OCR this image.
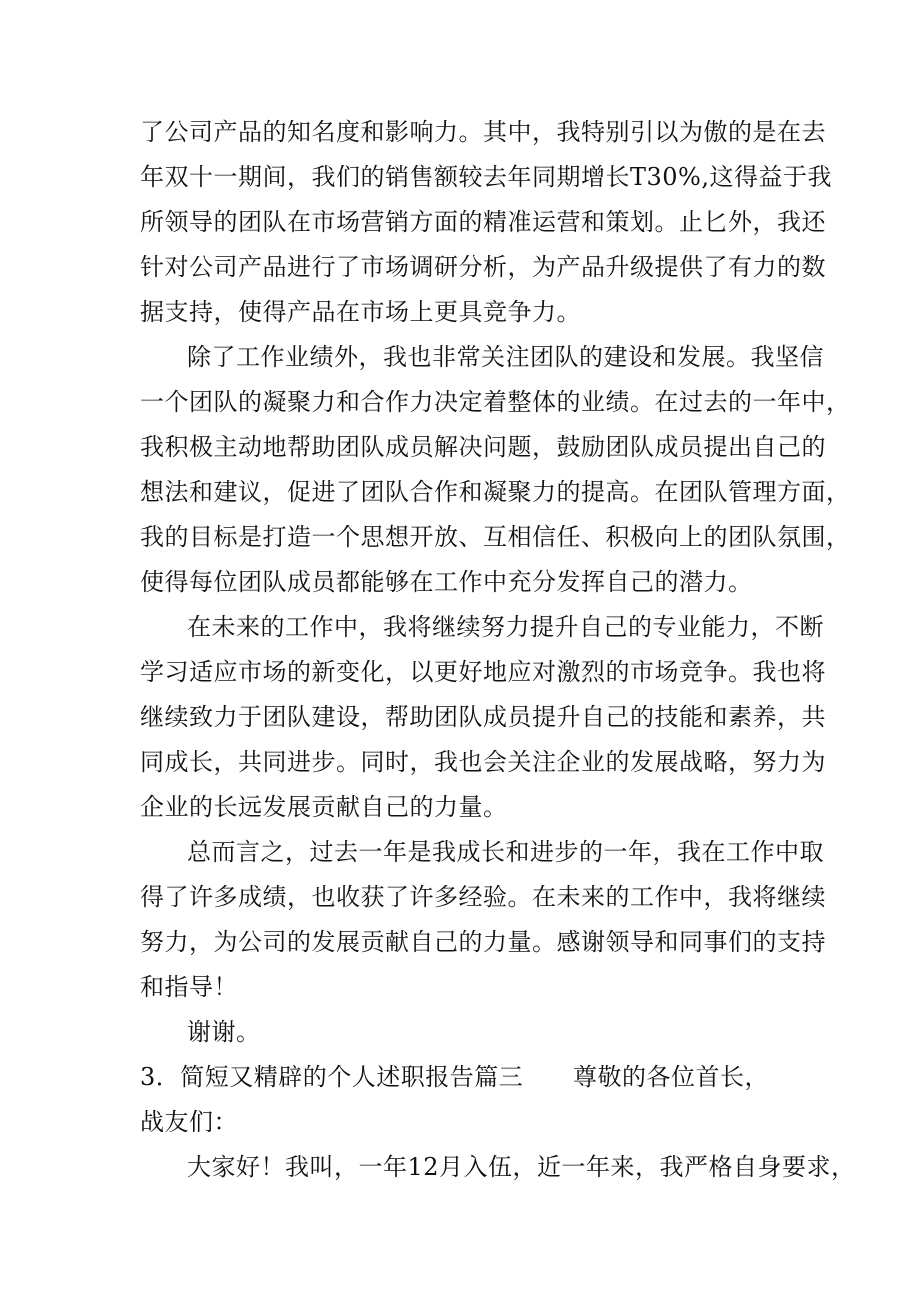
了公司产品的知名度和影响力。其中，我特别引以为傲的是在去
年双十一期间，我们的销售额较去年同期增长T30%,这得益于我
所领导的团队在市场营销方面的精准运营和策划。止匕外，我还
针对公司产品进行了市场调研分析，为产品升级提供了有力的数
据支持，使得产品在市场上更具竞争力。
除了工作业绩外，我也非常关注团队的建设和发展。我坚信
一个团队的凝聚力和合作力决定着整体的业绩。在过去的一年中，
我积极主动地帮助团队成员解决问题，鼓励团队成员提出自己的
想法和建议，促进了团队合作和凝聚力的提高。在团队管理方面，
我的目标是打造一个思想开放、互相信任、积极向上的团队氛围，
使得每位团队成员都能够在工作中充分发挥自己的潜力。
在未来的工作中，我将继续努力提升自己的专业能力，不断
学习适应市场的新变化，以更好地应对激烈的市场竞争。我也将
继续致力于团队建设，帮助团队成员提升自己的技能和素养，共
同成长，共同进步。同时，我也会关注企业的发展战略，努力为
企业的长远发展贡献自己的力量。
总而言之，过去一年是我成长和进步的一年，我在工作中取
得了许多成绩，也收获了许多经验。在未来的工作中，我将继续
努力，为公司的发展贡献自己的力量。感谢领导和同事们的支持
和指导！
谢谢。
3．简短又精辟的个人述职报告篇三 尊敬的各位首长，
战友们：
大家好！我叫，一年12月入伍，近一年来，我严格自身要求，
